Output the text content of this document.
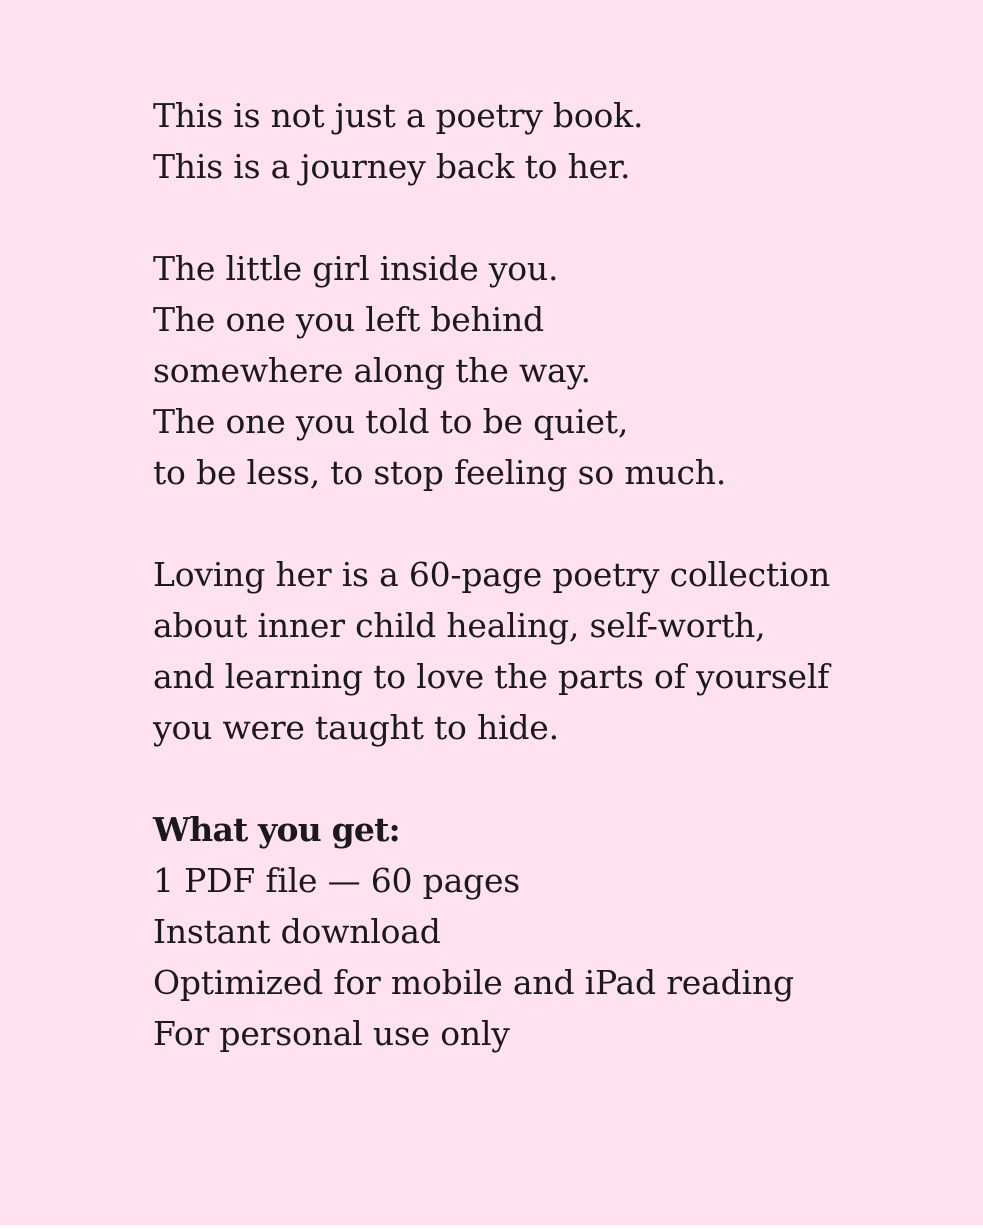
This is not just a poetry book.
This is a journey back to her.

The little girl inside you.
The one you left behind
somewhere along the way.
The one you told to be quiet,
to be less, to stop feeling so much.

Loving her is a 60-page poetry collection
about inner child healing, self-worth,
and learning to love the parts of yourself
you were taught to hide.

What you get:
1 PDF file — 60 pages
Instant download
Optimized for mobile and iPad reading
For personal use only
